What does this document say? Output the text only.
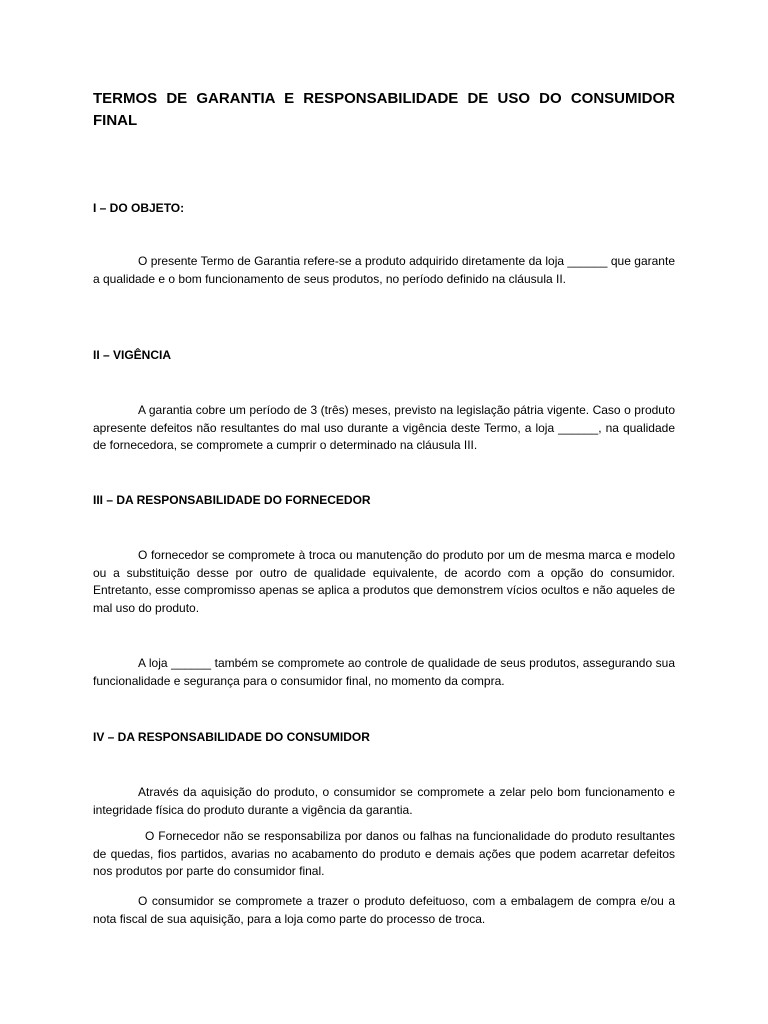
TERMOS DE GARANTIA E RESPONSABILIDADE DE USO DO CONSUMIDOR FINAL
I – DO OBJETO:

O presente Termo de Garantia refere-se a produto adquirido diretamente da loja ______ que garante a qualidade e o bom funcionamento de seus produtos, no período definido na cláusula II.

II – VIGÊNCIA

A garantia cobre um período de 3 (três) meses, previsto na legislação pátria vigente. Caso o produto apresente defeitos não resultantes do mal uso durante a vigência deste Termo, a loja ______, na qualidade de fornecedora, se compromete a cumprir o determinado na cláusula III.

III – DA RESPONSABILIDADE DO FORNECEDOR

O fornecedor se compromete à troca ou manutenção do produto por um de mesma marca e modelo ou a substituição desse por outro de qualidade equivalente, de acordo com a opção do consumidor. Entretanto, esse compromisso apenas se aplica a produtos que demonstrem vícios ocultos e não aqueles de mal uso do produto.

A loja ______ também se compromete ao controle de qualidade de seus produtos, assegurando sua funcionalidade e segurança para o consumidor final, no momento da compra.

IV – DA RESPONSABILIDADE DO CONSUMIDOR

Através da aquisição do produto, o consumidor se compromete a zelar pelo bom funcionamento e integridade física do produto durante a vigência da garantia.

O Fornecedor não se responsabiliza por danos ou falhas na funcionalidade do produto resultantes de quedas, fios partidos, avarias no acabamento do produto e demais ações que podem acarretar defeitos nos produtos por parte do consumidor final.

O consumidor se compromete a trazer o produto defeituoso, com a embalagem de compra e/ou a nota fiscal de sua aquisição, para a loja como parte do processo de troca.
